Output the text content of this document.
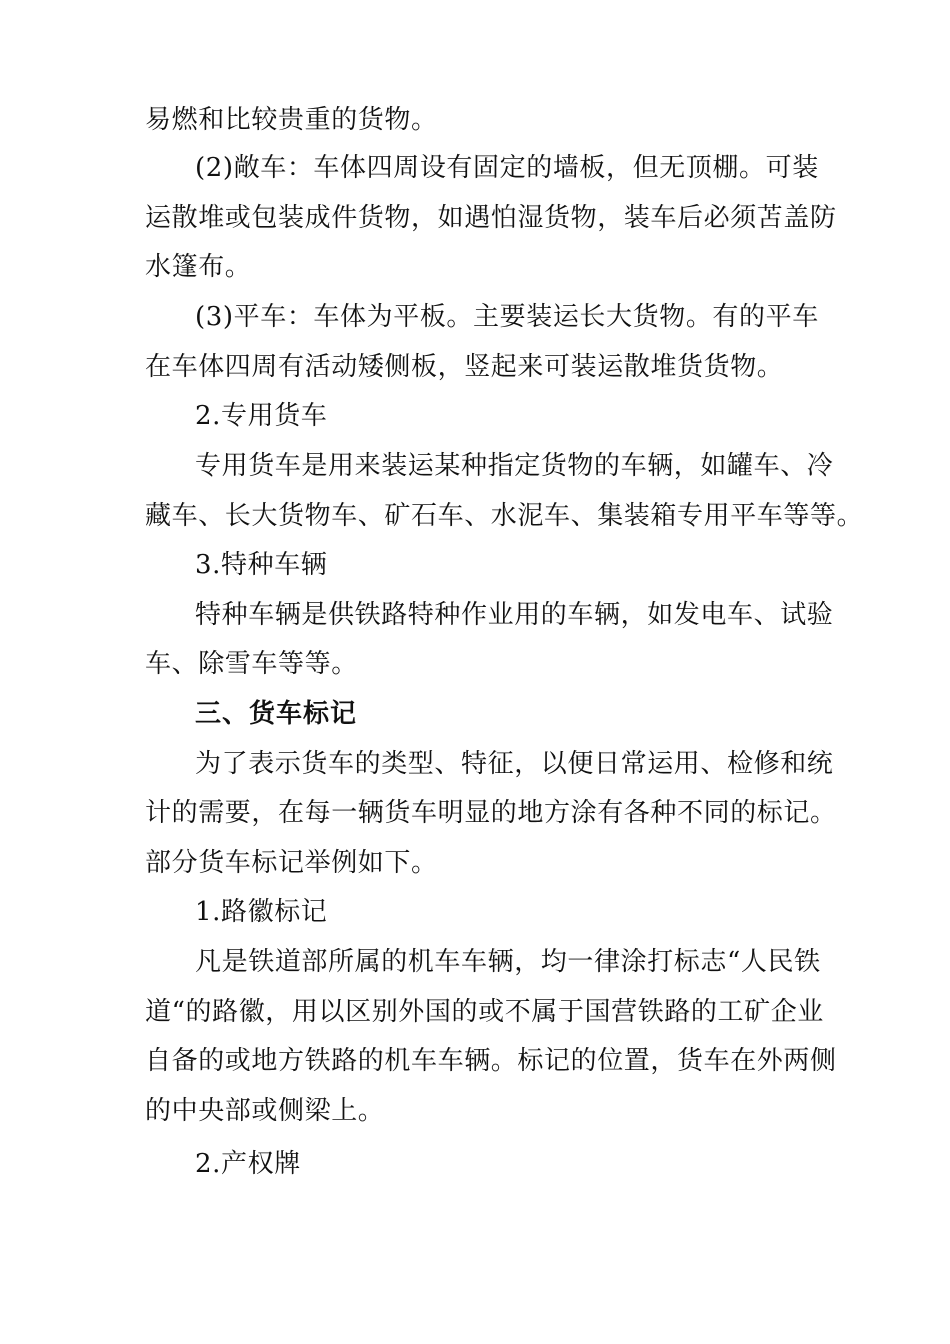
易燃和比较贵重的货物。

(2)敞车：车体四周设有固定的墙板，但无顶棚。可装

运散堆或包装成件货物，如遇怕湿货物，装车后必须苫盖防

水篷布。

(3)平车：车体为平板。主要装运长大货物。有的平车

在车体四周有活动矮侧板，竖起来可装运散堆货货物。

2.专用货车

专用货车是用来装运某种指定货物的车辆，如罐车、冷

藏车、长大货物车、矿石车、水泥车、集装箱专用平车等等。

3.特种车辆

特种车辆是供铁路特种作业用的车辆，如发电车、试验

车、除雪车等等。

三、货车标记

为了表示货车的类型、特征，以便日常运用、检修和统

计的需要，在每一辆货车明显的地方涂有各种不同的标记。

部分货车标记举例如下。

1.路徽标记

凡是铁道部所属的机车车辆，均一律涂打标志“人民铁

道“的路徽，用以区别外国的或不属于国营铁路的工矿企业

自备的或地方铁路的机车车辆。标记的位置，货车在外两侧

的中央部或侧梁上。

2.产权牌
